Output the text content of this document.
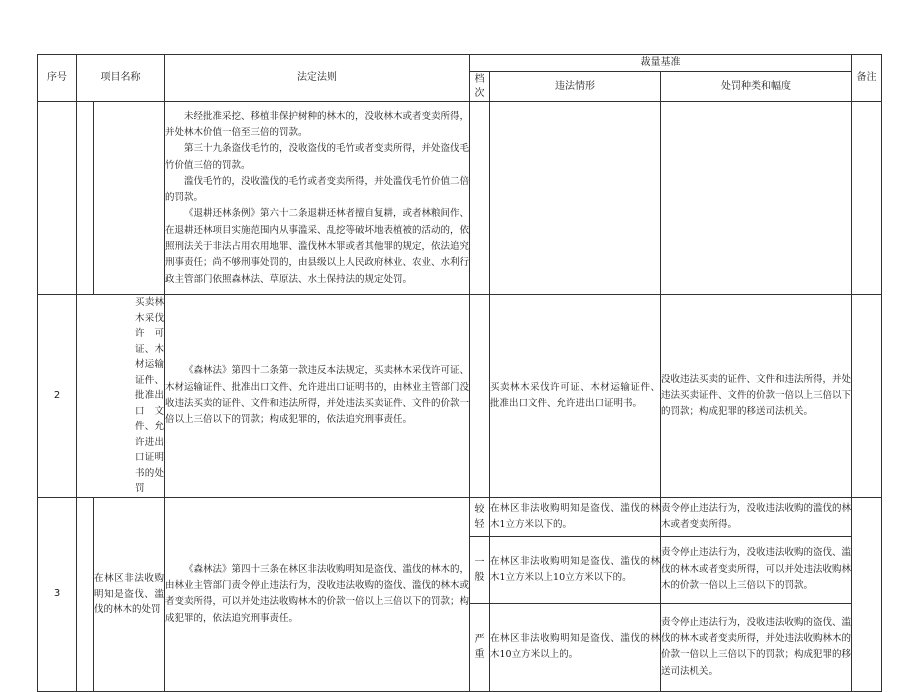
序号	项目名称		法定法则	裁量基准			备注
				档次	违法情形	处罚种类和幅度	

			未经批准采挖、移植非保护树种的林木的，没收林木或者变卖所得，并处林木价值一倍至三倍的罚款。

第三十九条盗伐毛竹的，没收盗伐的毛竹或者变卖所得，并处盗伐毛竹价值三倍的罚款。

滥伐毛竹的，没收滥伐的毛竹或者变卖所得，并处滥伐毛竹价值二倍的罚款。

《退耕还林条例》第六十二条退耕还林者擅自复耕，或者林粮间作、在退耕还林项目实施范围内从事滥采、乱挖等破坏地表植被的活动的，依照刑法关于非法占用农用地罪、滥伐林木罪或者其他罪的规定，依法追究刑事责任；尚不够刑事处罚的，由县级以上人民政府林业、农业、水利行政主管部门依照森林法、草原法、水土保持法的规定处罚。				

2	买卖林木采伐许可证、木材运输证件、批准出口文件、允许进出口证明书的处罚		《森林法》第四十二条第一款违反本法规定，买卖林木采伐许可证、木材运输证件、批准出口文件、允许进出口证明书的，由林业主管部门没收违法买卖的证件、文件和违法所得，并处违法买卖证件、文件的价款一倍以上三倍以下的罚款；构成犯罪的，依法追究刑事责任。		买卖林木采伐许可证、木材运输证件、批准出口文件、允许进出口证明书。	没收违法买卖的证件、文件和违法所得，并处违法买卖证件、文件的价款一倍以上三倍以下的罚款；构成犯罪的移送司法机关。	
3		在林区非法收购明知是盗伐、滥伐的林木的处罚	《森林法》第四十三条在林区非法收购明知是盗伐、滥伐的林木的，由林业主管部门责令停止违法行为，没收违法收购的盗伐、滥伐的林木或者变卖所得，可以并处违法收购林木的价款一倍以上三倍以下的罚款；构成犯罪的，依法追究刑事责任。	较轻	在林区非法收购明知是盗伐、滥伐的林木1立方米以下的。	责令停止违法行为，没收违法收购的滥伐的林木或者变卖所得。	
				一般	在林区非法收购明知是盗伐、滥伐的林木1立方米以上10立方米以下的。	责令停止违法行为，没收违法收购的盗伐、滥伐的林木或者变卖所得，可以并处违法收购林木的价款一倍以上三倍以下的罚款。	
				严重	在林区非法收购明知是盗伐、滥伐的林木10立方米以上的。	责令停止违法行为，没收违法收购的盗伐、滥伐的林木或者变卖所得，并处违法收购林木的价款一倍以上三倍以下的罚款；构成犯罪的移送司法机关。	
